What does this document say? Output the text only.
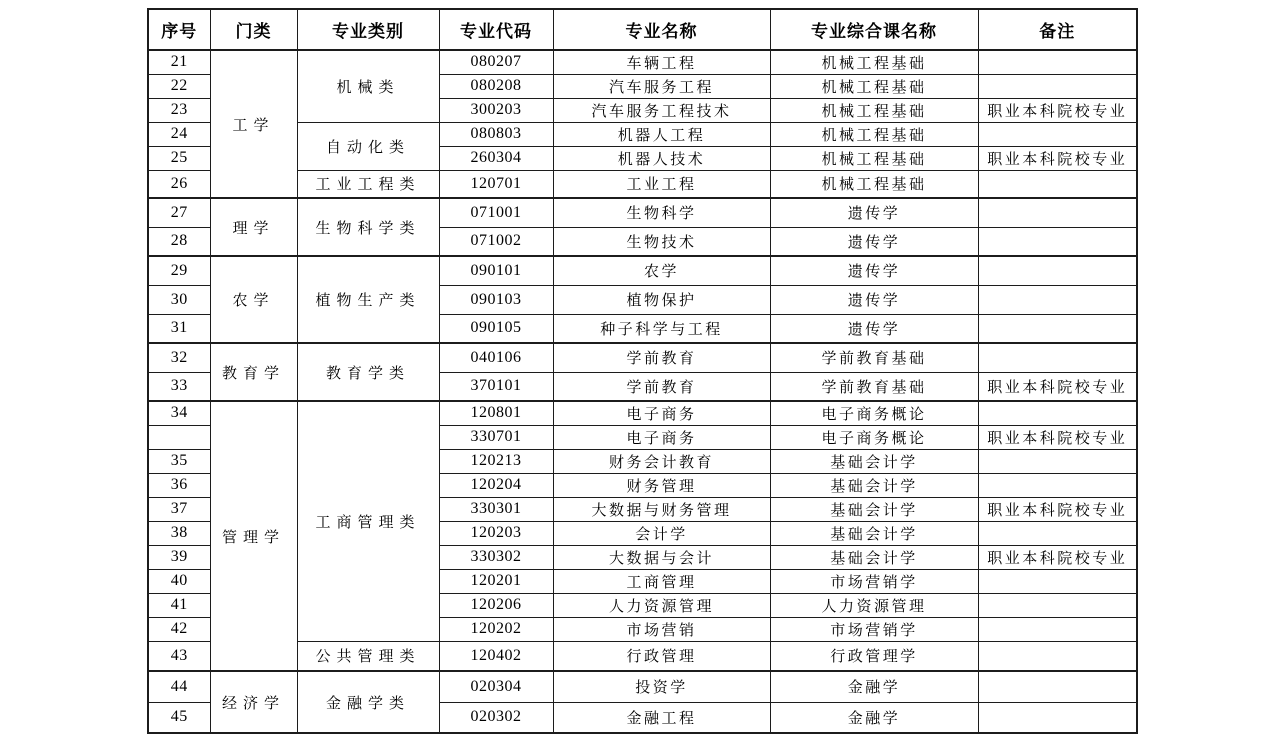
序号	门类	专业类别	专业代码	专业名称	专业综合课名称	备注
21	工学	机械类	080207	车辆工程	机械工程基础	
22			080208	汽车服务工程	机械工程基础	
23			300203	汽车服务工程技术	机械工程基础	职业本科院校专业
24		自动化类	080803	机器人工程	机械工程基础	
25			260304	机器人技术	机械工程基础	职业本科院校专业
26		工业工程类	120701	工业工程	机械工程基础	
27	理学	生物科学类	071001	生物科学	遗传学	
28			071002	生物技术	遗传学	
29	农学	植物生产类	090101	农学	遗传学	
30			090103	植物保护	遗传学	
31			090105	种子科学与工程	遗传学	
32	教育学	教育学类	040106	学前教育	学前教育基础	
33			370101	学前教育	学前教育基础	职业本科院校专业
34	管理学	工商管理类	120801	电子商务	电子商务概论	
			330701	电子商务	电子商务概论	职业本科院校专业
35			120213	财务会计教育	基础会计学	
36			120204	财务管理	基础会计学	
37			330301	大数据与财务管理	基础会计学	职业本科院校专业
38			120203	会计学	基础会计学	
39			330302	大数据与会计	基础会计学	职业本科院校专业
40			120201	工商管理	市场营销学	
41			120206	人力资源管理	人力资源管理	
42			120202	市场营销	市场营销学	
43		公共管理类	120402	行政管理	行政管理学	
44	经济学	金融学类	020304	投资学	金融学	
45			020302	金融工程	金融学	
